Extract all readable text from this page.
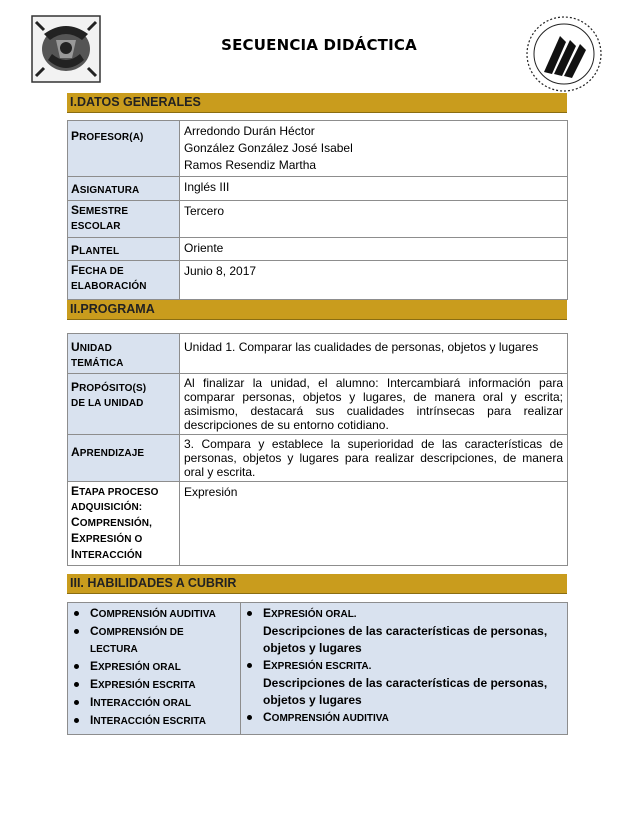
SECUENCIA DIDÁCTICA
I.DATOS GENERALES
PROFESOR(A)	Arredondo Durán Héctor
González González José Isabel
Ramos Resendiz Martha

ASIGNATURA	Inglés III

SEMESTRE
ESCOLAR	Tercero

PLANTEL	Oriente

FECHA DE
ELABORACIÓN	Junio 8, 2017
II.PROGRAMA
UNIDAD
TEMÁTICA	Unidad 1. Comparar las cualidades de personas, objetos y lugares

PROPÓSITO(S)
DE LA UNIDAD	Al finalizar la unidad, el alumno: Intercambiará información para comparar personas, objetos y lugares, de manera oral y escrita; asimismo, destacará sus cualidades intrínsecas para realizar descripciones de su entorno cotidiano.

APRENDIZAJE	3. Compara y establece la superioridad de las características de personas, objetos y lugares para realizar descripciones, de manera oral y escrita.

ETAPA PROCESO
ADQUISICIÓN:
COMPRENSIÓN,
EXPRESIÓN O
INTERACCIÓN	Expresión
III. HABILIDADES A CUBRIR
COMPRENSIÓN AUDITIVA
COMPRENSIÓN DE
LECTURA
EXPRESIÓN ORAL
EXPRESIÓN ESCRITA
INTERACCIÓN ORAL
INTERACCIÓN ESCRITA

EXPRESIÓN ORAL.
Descripciones de las características de personas, objetos y lugares
EXPRESIÓN ESCRITA.
Descripciones de las características de personas, objetos y lugares
COMPRENSIÓN AUDITIVA
